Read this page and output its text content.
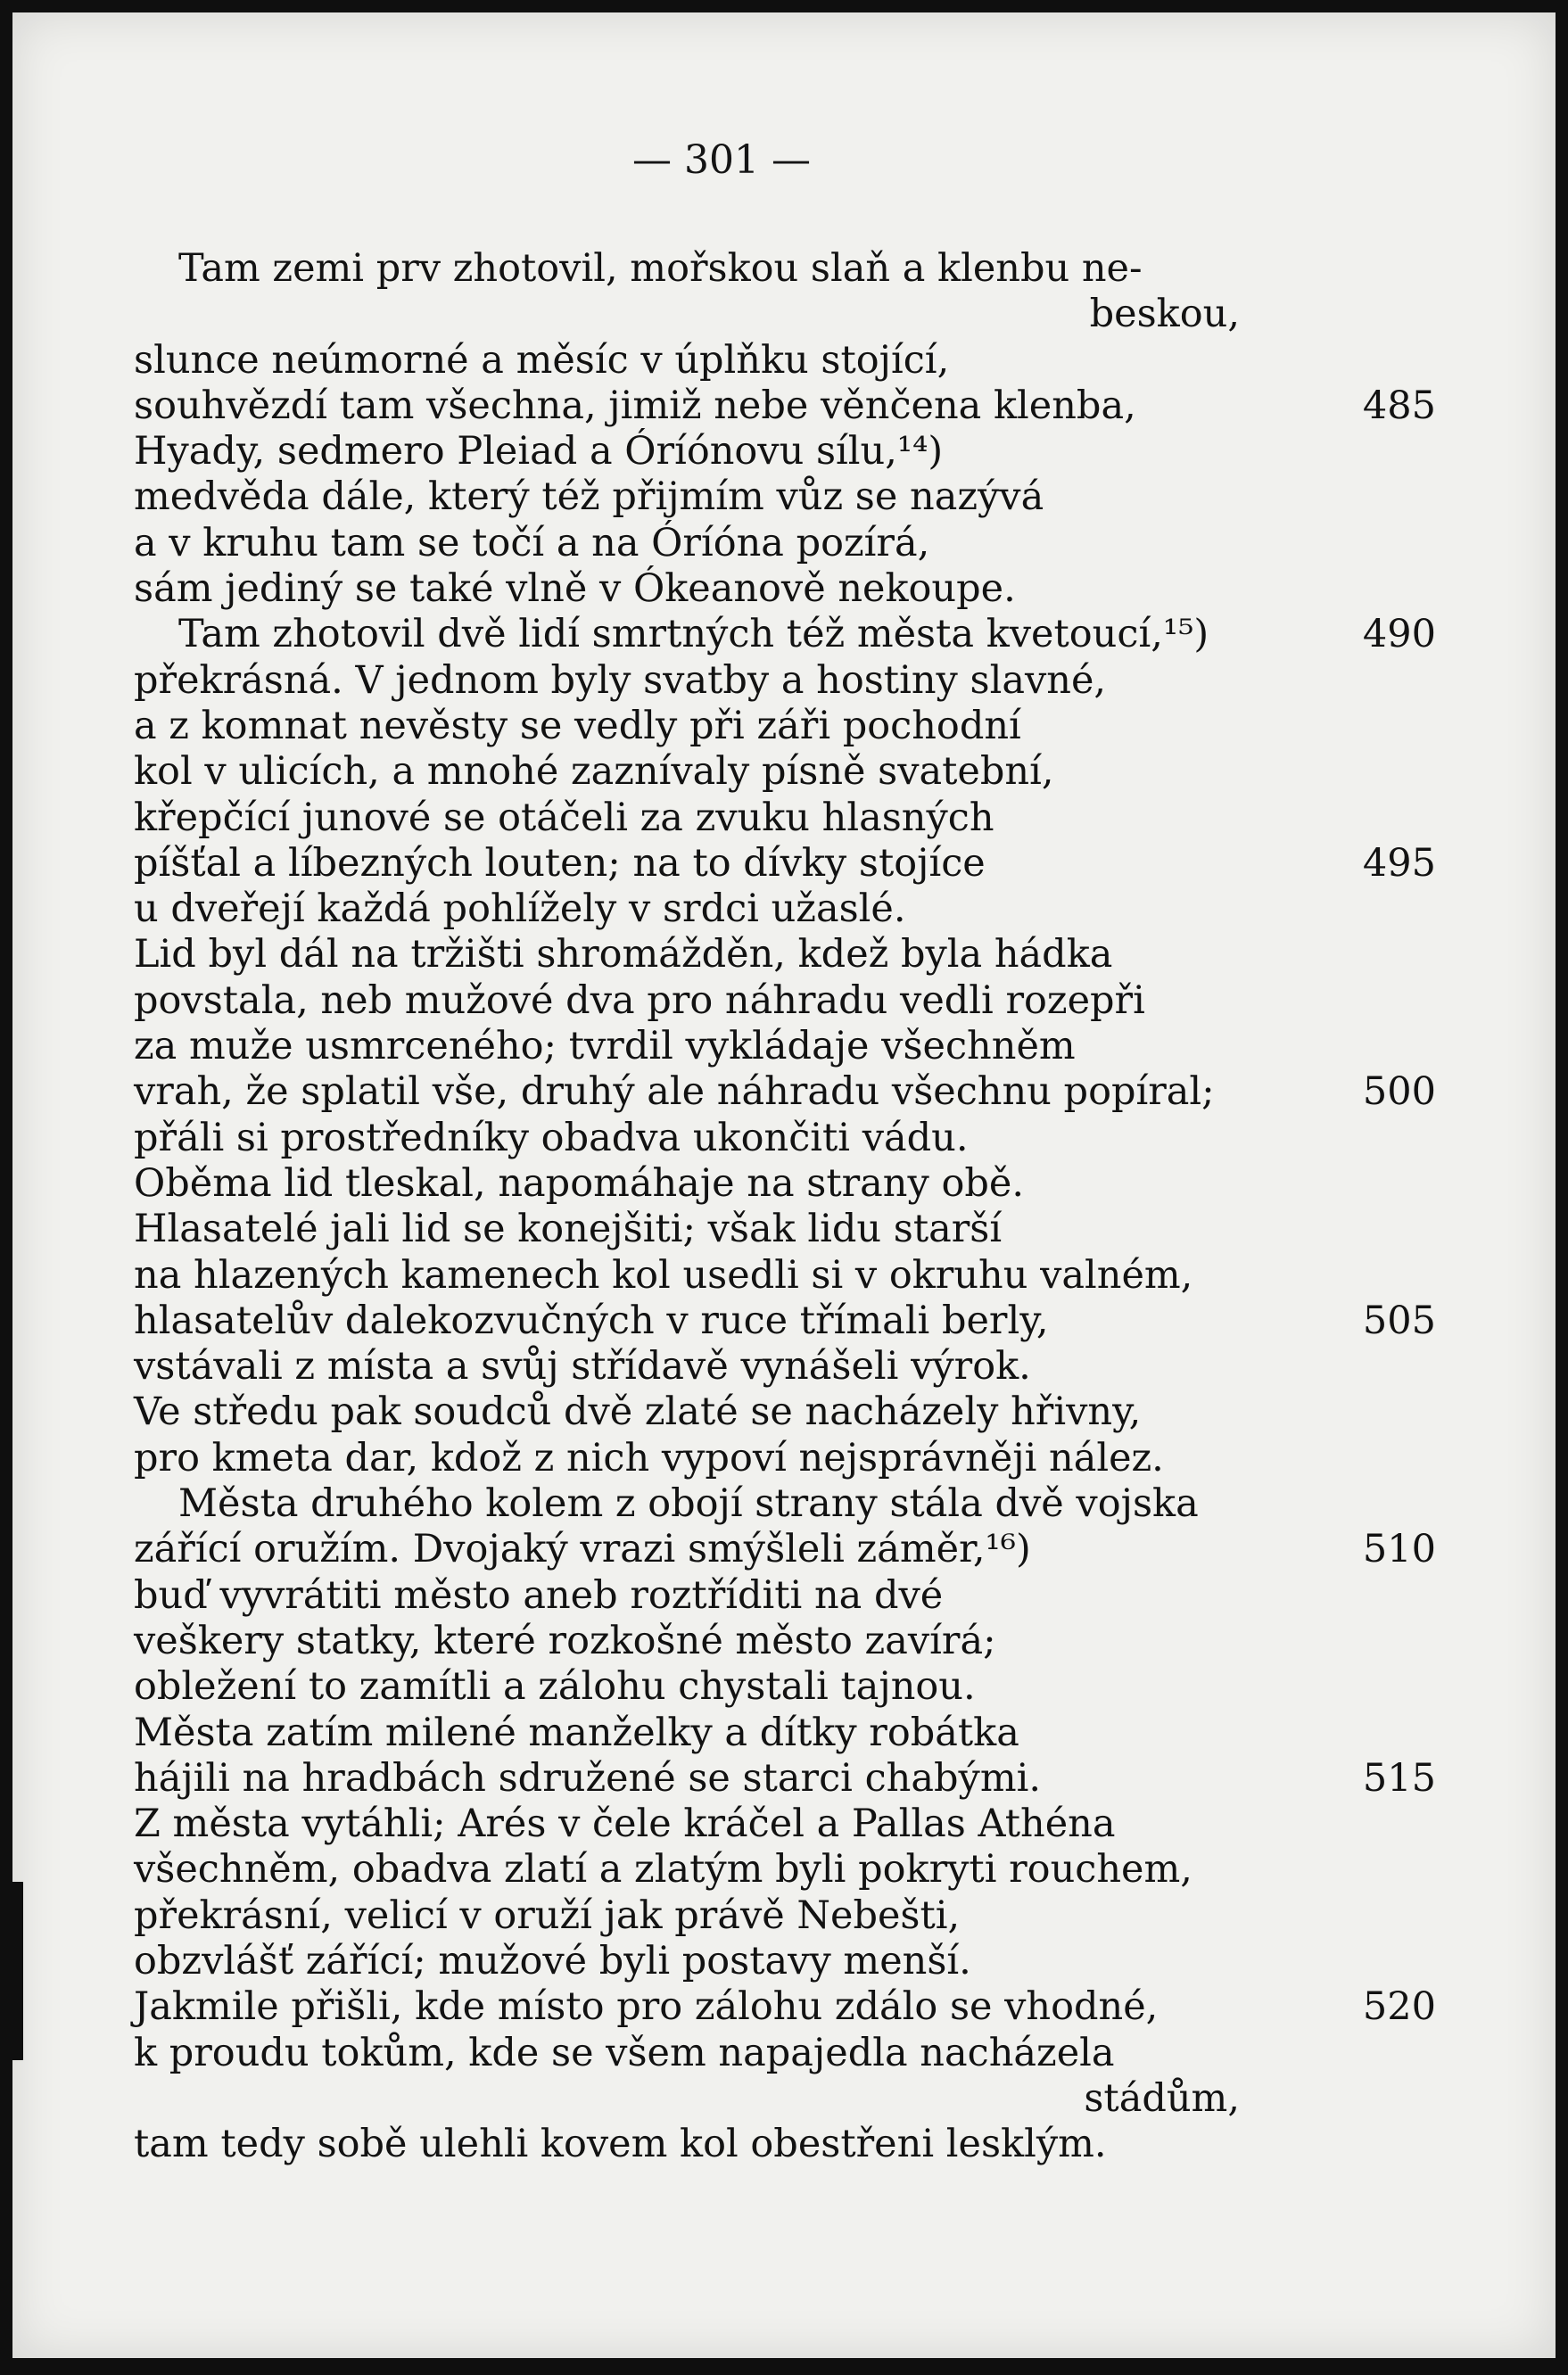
— 301 —
Tam zemi prv zhotovil, mořskou slaň a klenbu ne-
beskou,
slunce neúmorné a měsíc v úplňku stojící,
souhvězdí tam všechna, jimiž nebe věnčena klenba,	485
Hyady, sedmero Pleiad a Óríónovu sílu,¹⁴)
medvěda dále, který též přijmím vůz se nazývá
a v kruhu tam se točí a na Óríóna pozírá,
sám jediný se také vlně v Ókeanově nekoupe.
Tam zhotovil dvě lidí smrtných též města kvetoucí,¹⁵)	490
překrásná. V jednom byly svatby a hostiny slavné,
a z komnat nevěsty se vedly při záři pochodní
kol v ulicích, a mnohé zaznívaly písně svatební,
křepčící junové se otáčeli za zvuku hlasných
píšťal a líbezných louten; na to dívky stojíce	495
u dveřejí každá pohlížely v srdci užaslé.
Lid byl dál na tržišti shromážděn, kdež byla hádka
povstala, neb mužové dva pro náhradu vedli rozepři
za muže usmrceného; tvrdil vykládaje všechněm
vrah, že splatil vše, druhý ale náhradu všechnu popíral;	500
přáli si prostředníky obadva ukončiti vádu.
Oběma lid tleskal, napomáhaje na strany obě.
Hlasatelé jali lid se konejšiti; však lidu starší
na hlazených kamenech kol usedli si v okruhu valném,
hlasatelův dalekozvučných v ruce třímali berly,	505
vstávali z místa a svůj střídavě vynášeli výrok.
Ve středu pak soudců dvě zlaté se nacházely hřivny,
pro kmeta dar, kdož z nich vypoví nejsprávněji nález.
Města druhého kolem z obojí strany stála dvě vojska
zářící oružím. Dvojaký vrazi smýšleli záměr,¹⁶)	510
buď vyvrátiti město aneb roztříditi na dvé
veškery statky, které rozkošné město zavírá;
obležení to zamítli a zálohu chystali tajnou.
Města zatím milené manželky a dítky robátka
hájili na hradbách sdružené se starci chabými.	515
Z města vytáhli; Arés v čele kráčel a Pallas Athéna
všechněm, obadva zlatí a zlatým byli pokryti rouchem,
překrásní, velicí v oruží jak právě Nebešti,
obzvlášť zářící; mužové byli postavy menší.
Jakmile přišli, kde místo pro zálohu zdálo se vhodné,	520
k proudu tokům, kde se všem napajedla nacházela
stádům,
tam tedy sobě ulehli kovem kol obestřeni lesklým.
